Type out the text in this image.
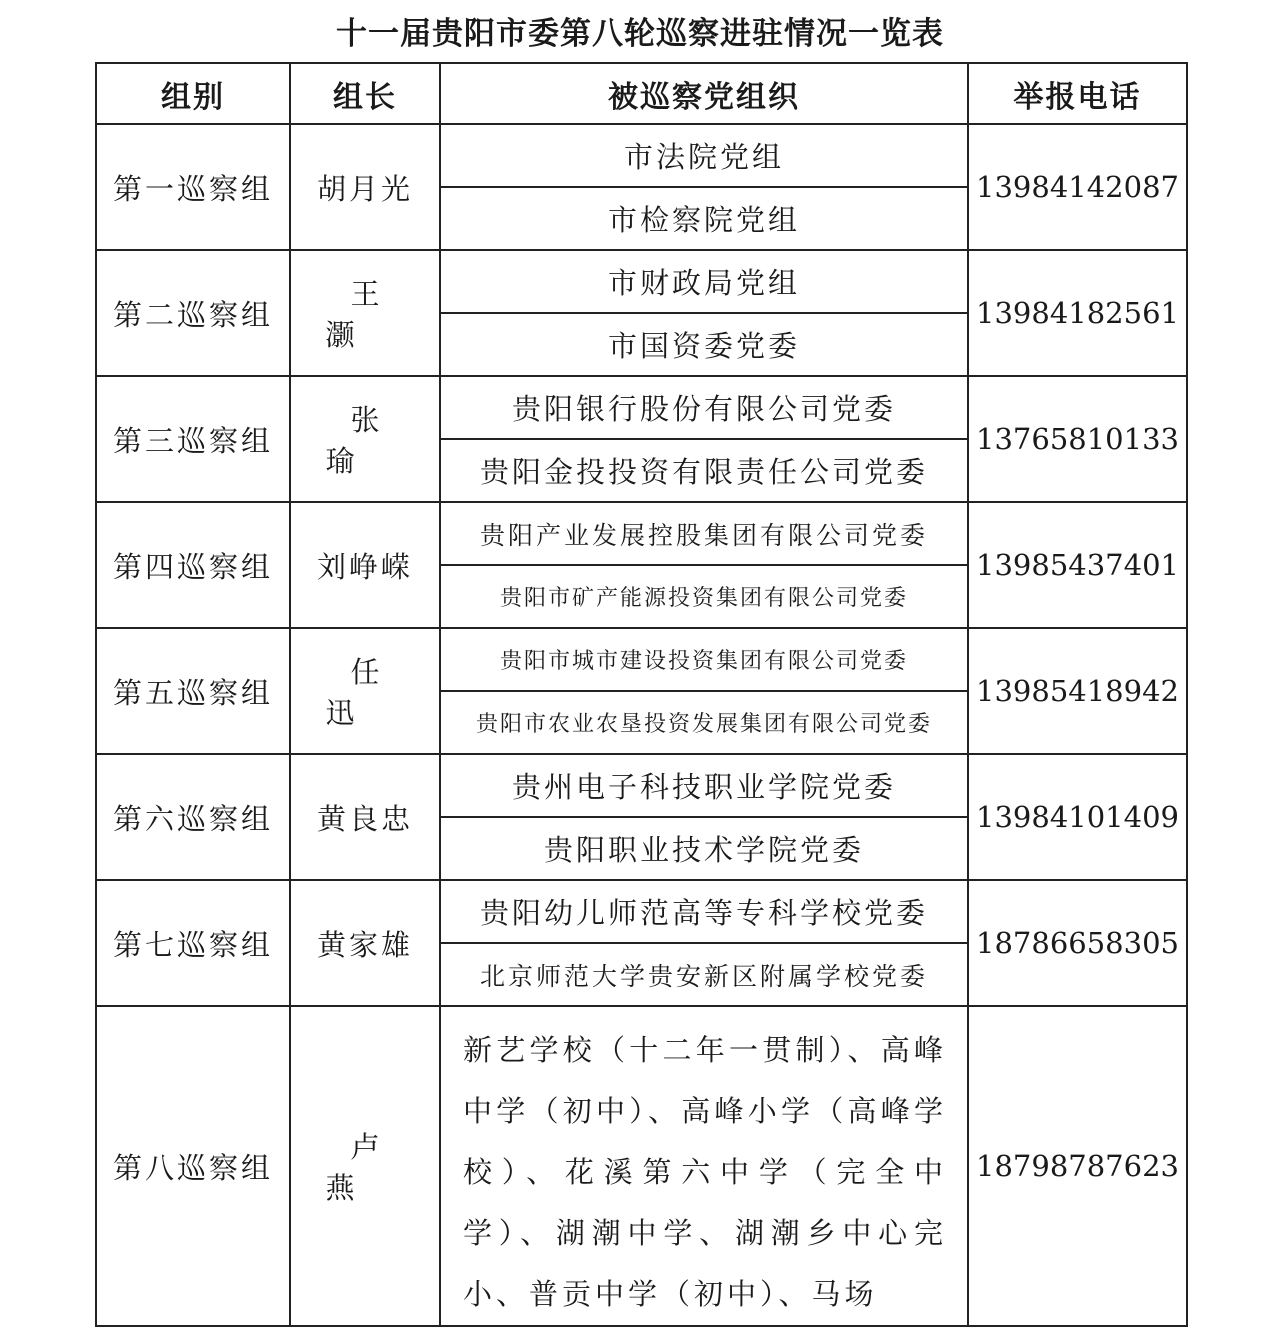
十一届贵阳市委第八轮巡察进驻情况一览表
组别	组长	被巡察党组织	举报电话
第一巡察组	胡月光	市法院党组	13984142087
		市检察院党组	
第二巡察组	王灏	市财政局党组	13984182561
		市国资委党委	
第三巡察组	张瑜	贵阳银行股份有限公司党委	13765810133
		贵阳金投投资有限责任公司党委	
第四巡察组	刘峥嵘	贵阳产业发展控股集团有限公司党委	13985437401
		贵阳市矿产能源投资集团有限公司党委	
第五巡察组	任迅	贵阳市城市建设投资集团有限公司党委	13985418942
		贵阳市农业农垦投资发展集团有限公司党委	
第六巡察组	黄良忠	贵州电子科技职业学院党委	13984101409
		贵阳职业技术学院党委	
第七巡察组	黄家雄	贵阳幼儿师范高等专科学校党委	18786658305
		北京师范大学贵安新区附属学校党委	
第八巡察组	卢燕	新艺学校（十二年一贯制）、高峰中学（初中）、高峰小学（高峰学校）、花溪第六中学（完全中学）、湖潮中学、湖潮乡中心完小、普贡中学（初中）、马场	18798787623
